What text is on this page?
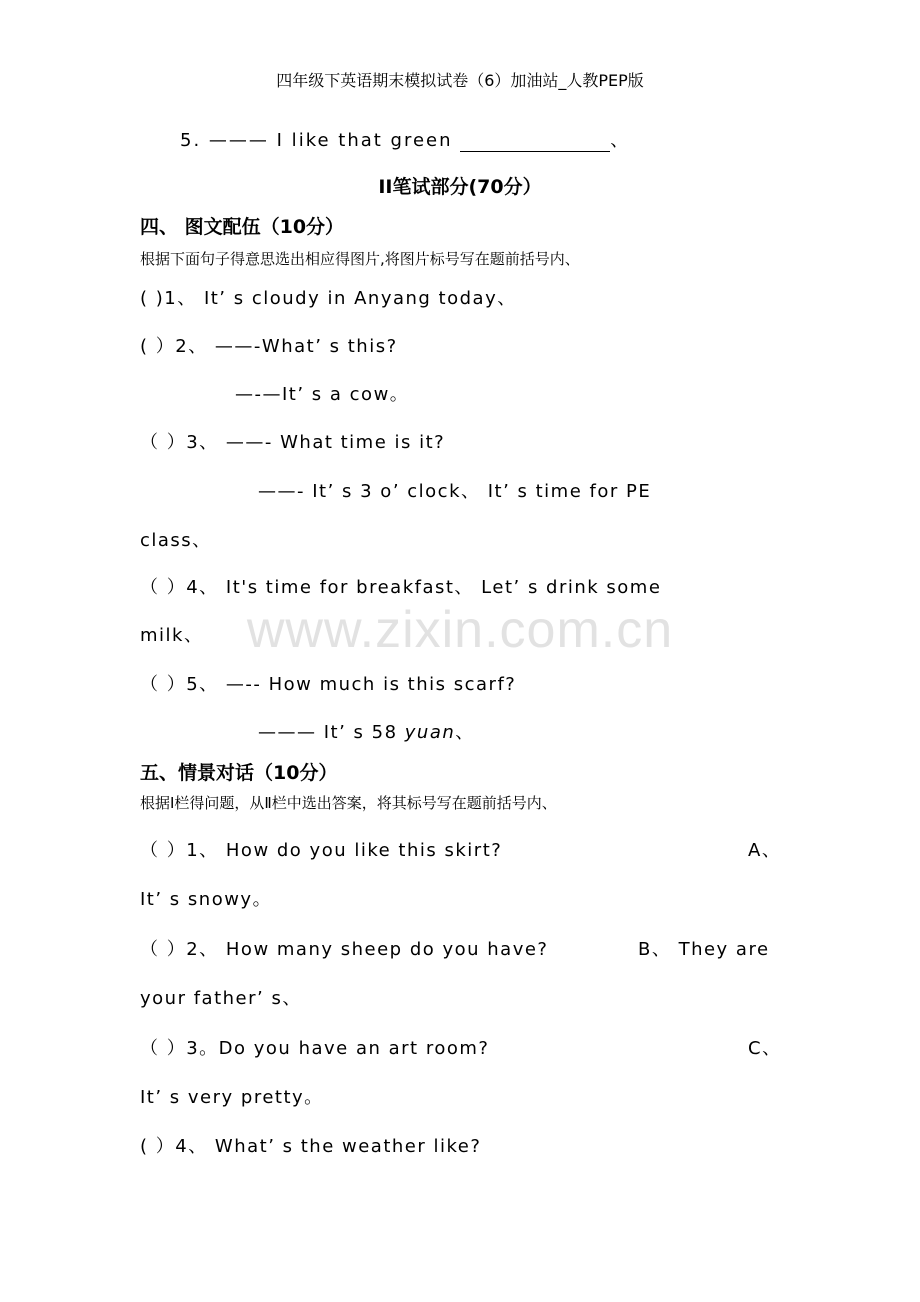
四年级下英语期末模拟试卷（6）加油站_人教PEP版
www.zixin.com.cn
5. ——— I like that green	、
II笔试部分(70分）
四、 图文配伍（10分）
根据下面句子得意思选出相应得图片,将图片标号写在题前括号内、
( )1、 It’ s cloudy in Anyang today、
( ）2、 ——-What’ s this?
—-—It’ s a cow。
（ ）3、 ——- What time is it?
——- It’ s 3 o’ clock、 It’ s time for PE
class、
（ ）4、 It's time for breakfast、 Let’ s drink some
milk、
（ ）5、 —-- How much is this scarf?
——— It’ s 58 yuan、
五、情景对话（10分）
根据Ⅰ栏得问题，从Ⅱ栏中选出答案，将其标号写在题前括号内、
（ ）1、 How do you like this skirt?	A、
It’ s snowy。
（ ）2、 How many sheep do you have?	B、 They are
your father’ s、
（ ）3。Do you have an art room?	C、
It’ s very pretty。
( ）4、 What’ s the weather like?
